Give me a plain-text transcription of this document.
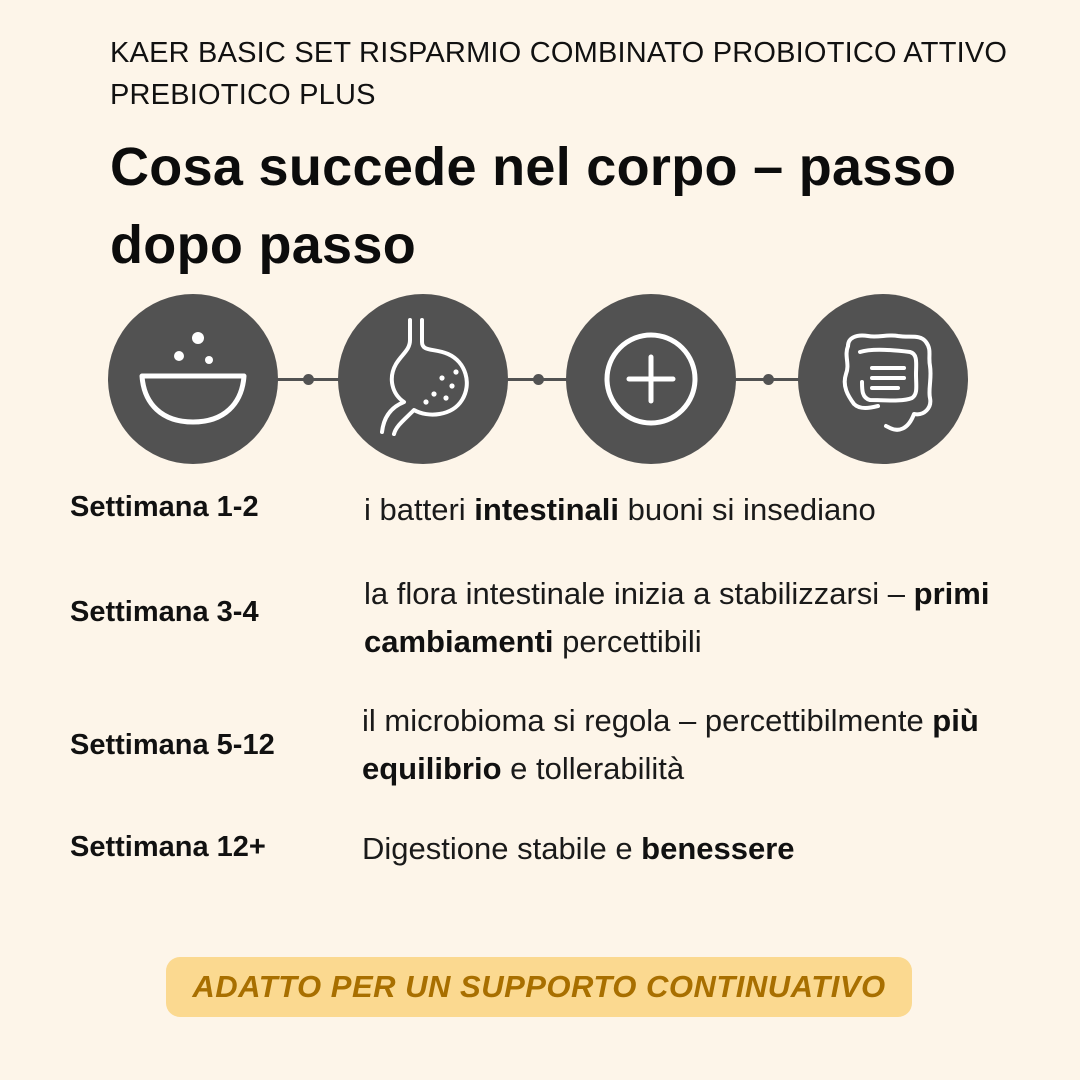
KAER BASIC SET RISPARMIO COMBINATO PROBIOTICO ATTIVO PREBIOTICO PLUS
Cosa succede nel corpo – passo dopo passo
Settimana 1-2	i batteri intestinali buoni si insediano
Settimana 3-4
la flora intestinale inizia a stabilizzarsi – primi cambiamenti percettibili
Settimana 5-12
il microbioma si regola – percettibilmente più equilibrio e tollerabilità
Settimana 12+	Digestione stabile e benessere
ADATTO PER UN SUPPORTO CONTINUATIVO
